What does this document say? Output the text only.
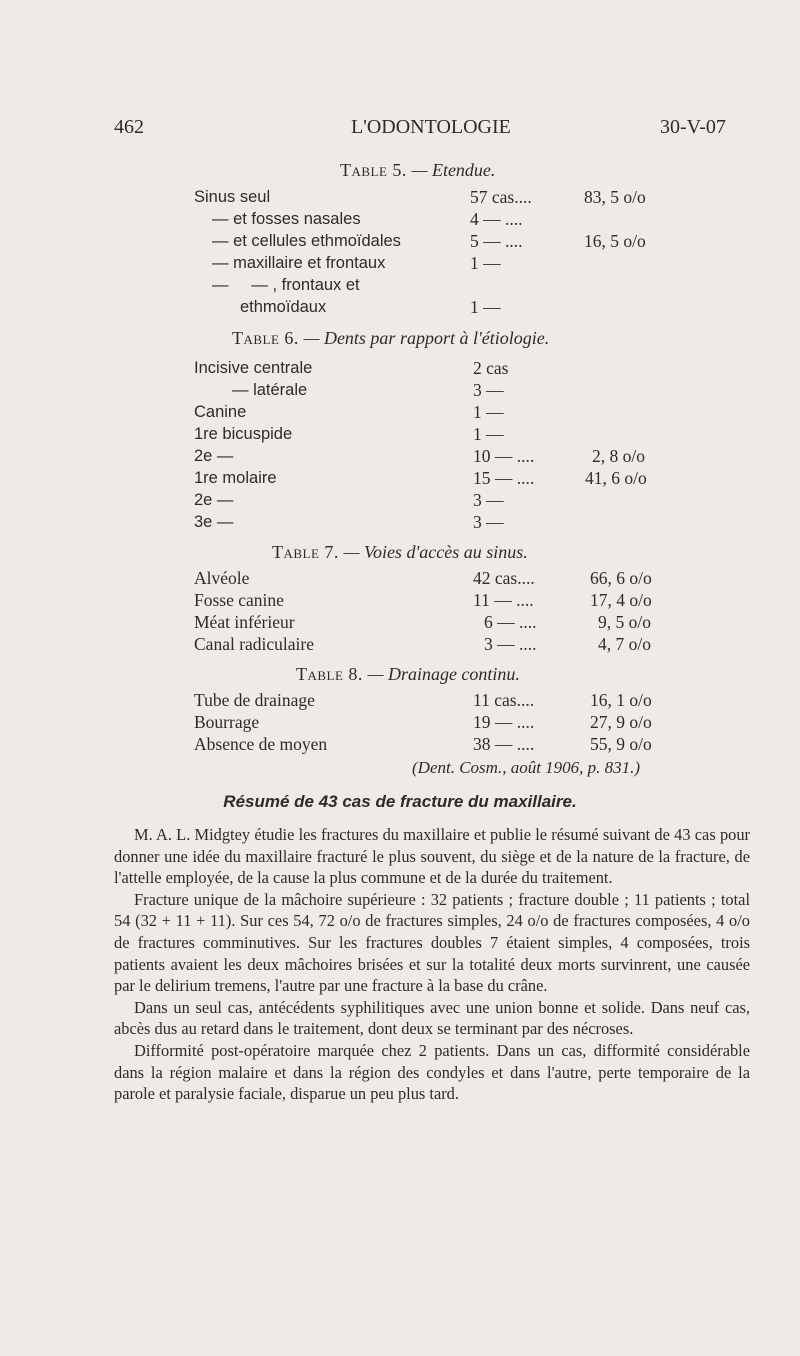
462	L'ODONTOLOGIE	30-V-07
Table 5. — Etendue.
Sinus seul	57 cas....	83, 5 o/o
— et fosses nasales	4 — ....
— et cellules ethmoïdales	5 — ....	16, 5 o/o
— maxillaire et frontaux	1 —
—     — , frontaux et
ethmoïdaux	1 —
Table 6. — Dents par rapport à l'étiologie.
Incisive centrale	2 cas
— latérale	3 —
Canine	1 —
1re bicuspide	1 —
2e —	10 — ....	2, 8 o/o
1re molaire	15 — ....	41, 6 o/o
2e —	3 —
3e —	3 —
Table 7. — Voies d'accès au sinus.
Alvéole	42 cas....	66, 6 o/o
Fosse canine	11 — ....	17, 4 o/o
Méat inférieur	6 — ....	9, 5 o/o
Canal radiculaire	3 — ....	4, 7 o/o
Table 8. — Drainage continu.
Tube de drainage	11 cas....	16, 1 o/o
Bourrage	19 — ....	27, 9 o/o
Absence de moyen	38 — ....	55, 9 o/o
(Dent. Cosm., août 1906, p. 831.)
Résumé de 43 cas de fracture du maxillaire.

M. A. L. Midgtey étudie les fractures du maxillaire et publie le résumé suivant de 43 cas pour donner une idée du maxillaire fracturé le plus souvent, du siège et de la nature de la fracture, de l'attelle employée, de la cause la plus commune et de la durée du traitement.

Fracture unique de la mâchoire supérieure : 32 patients ; fracture double ; 11 patients ; total 54 (32 + 11 + 11). Sur ces 54, 72 o/o de fractures simples, 24 o/o de fractures composées, 4 o/o de fractures comminutives. Sur les fractures doubles 7 étaient simples, 4 composées, trois patients avaient les deux mâchoires brisées et sur la totalité deux morts survinrent, une causée par le delirium tremens, l'autre par une fracture à la base du crâne.

Dans un seul cas, antécédents syphilitiques avec une union bonne et solide. Dans neuf cas, abcès dus au retard dans le traitement, dont deux se terminant par des nécroses.

Difformité post-opératoire marquée chez 2 patients. Dans un cas, difformité considérable dans la région malaire et dans la région des condyles et dans l'autre, perte temporaire de la parole et paralysie faciale, disparue un peu plus tard.
